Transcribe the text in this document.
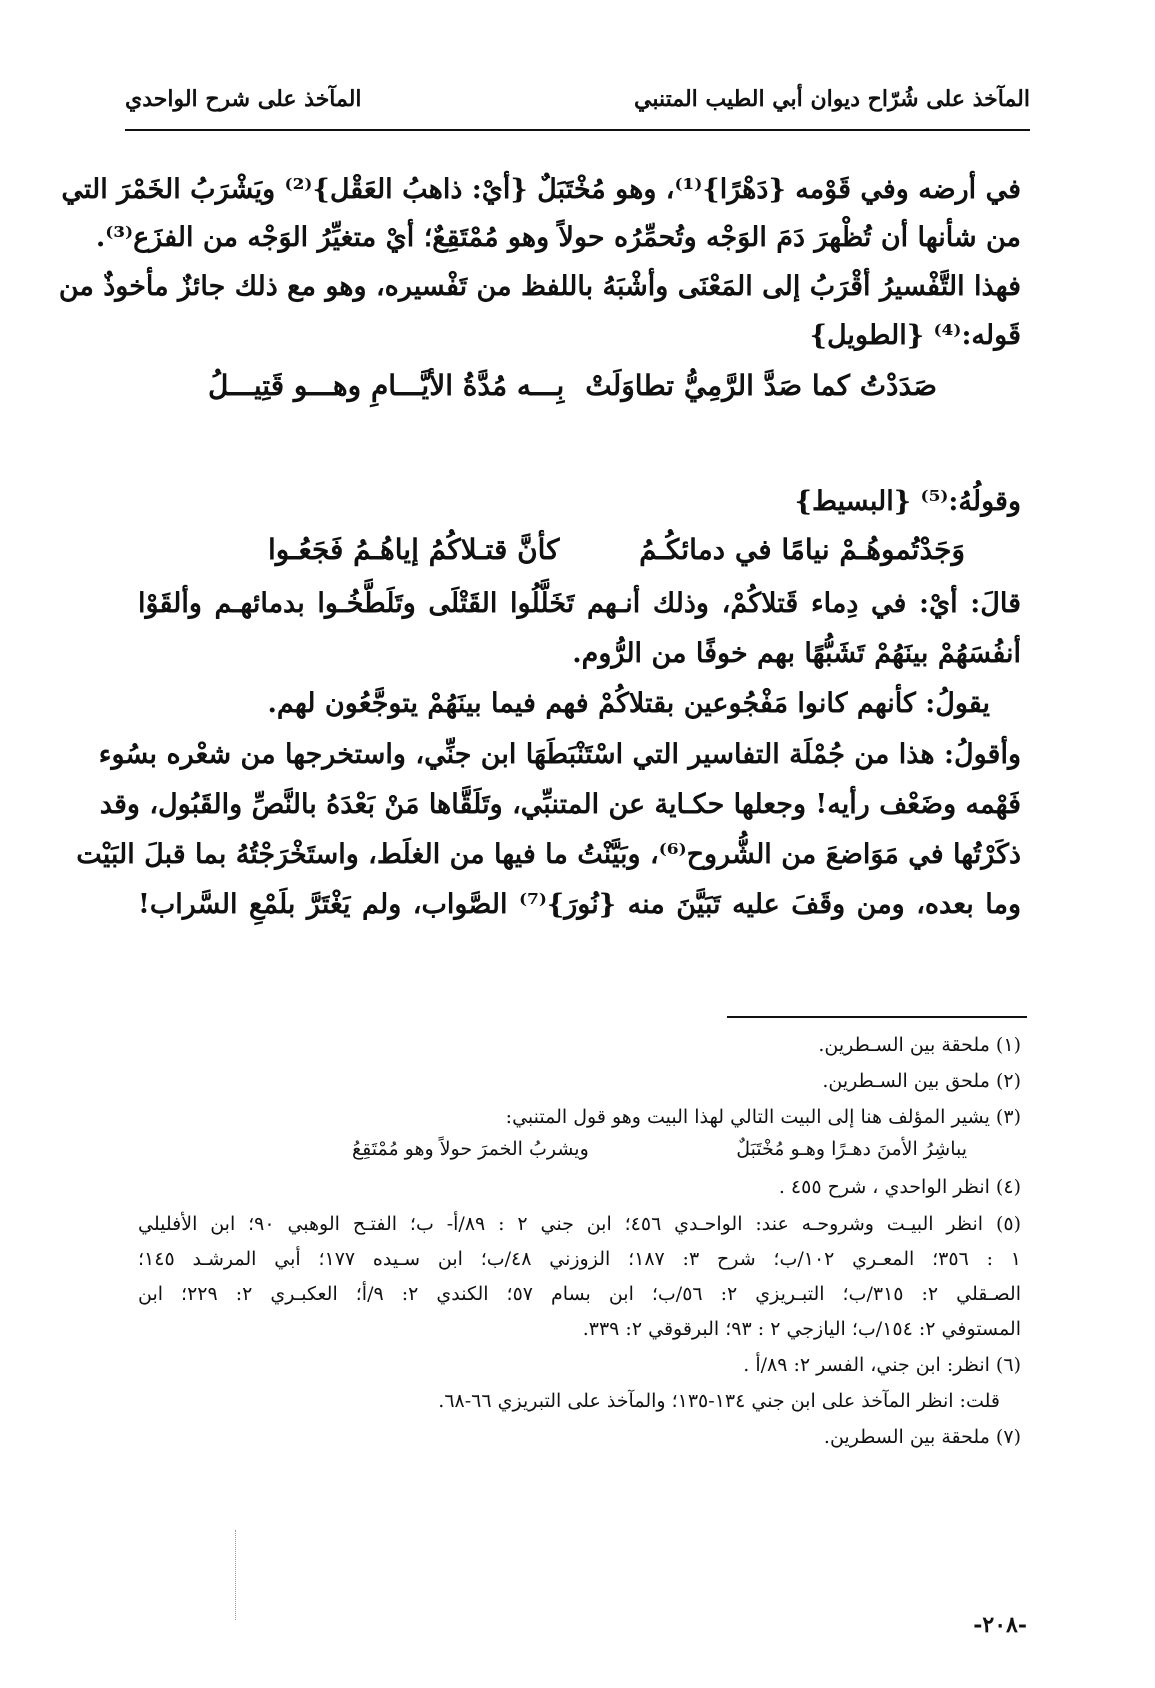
المآخذ على شُرّاح ديوان أبي الطيب المتنبي
المآخذ على شرح الواحدي
في أرضه وفي قَوْمه {دَهْرًا}⁽¹⁾، وهو مُخْتَبَلٌ {أيْ: ذاهبُ العَقْل}⁽²⁾ ويَشْرَبُ الخَمْرَ التي
من شأنها أن تُظْهرَ دَمَ الوَجْه وتُحمِّرُه حولاً وهو مُمْتَقِعٌ؛ أيْ متغيِّرُ الوَجْه من الفزَع⁽³⁾.
فهذا التَّفْسيرُ أقْرَبُ إلى المَعْنَى وأشْبَهُ باللفظ من تَفْسيره، وهو مع ذلك جائزٌ مأخوذٌ من
قَوله:⁽⁴⁾ {الطويل}
صَدَدْتُ كما صَدَّ الرَّمِيُّ تطاوَلَتْ
بِـــه مُدَّةُ الأيَّـــامِ وهـــو قَتِيـــلُ
وقولُهُ:⁽⁵⁾ {البسيط}
وَجَدْتُموهُـمْ نيامًا في دمائكُـمُ
كأنَّ قتـلاكُمُ إياهُـمُ فَجَعُـوا
قالَ: أيْ: في دِماء قَتلاكُمْ، وذلك أنـهم تَخَلَّلُوا القَتْلَى وتَلَطَّخُـوا بدمائهـم وألقَوْا
أنفُسَهُمْ بينَهُمْ تَشَبُّهًا بهم خوفًا من الرُّوم.
يقولُ: كأنهم كانوا مَفْجُوعين بقتلاكُمْ فهم فيما بينَهُمْ يتوجَّعُون لهم.
وأقولُ: هذا من جُمْلَة التفاسير التي اسْتَنْبَطَهَا ابن جنِّي، واستخرجها من شعْره بسُوء
فَهْمه وضَعْف رأيه! وجعلها حكـاية عن المتنبِّي، وتَلَقَّاها مَنْ بَعْدَهُ بالنَّصِّ والقَبُول، وقد
ذكَرْتُها في مَوَاضعَ من الشُّروح⁽⁶⁾، وبَيَّنْتُ ما فيها من الغلَط، واستَخْرَجْتُهُ بما قبلَ البَيْت
وما بعده، ومن وقَفَ عليه تَبَيَّنَ منه {نُورَ}⁽⁷⁾ الصَّواب، ولم يَغْتَرَّ بلَمْعِ السَّراب!
(١) ملحقة بين السـطرين.
(٢) ملحق بين السـطرين.
(٣) يشير المؤلف هنا إلى البيت التالي لهذا البيت وهو قول المتنبي:
يباشِرُ الأمنَ دهـرًا وهـو مُخْتَبَلٌ
ويشربُ الخمرَ حولاً وهو مُمْتَقِعُ
(٤) انظر الواحدي ، شرح ٤٥٥ .
(٥) انظر البيـت وشروحـه عند: الواحـدي ٤٥٦؛ ابن جني ٢ : ٨٩/أ- ب؛ الفتـح الوهبي ٩٠؛ ابن الأفليلي
١ : ٣٥٦؛ المعـري ١٠٢/ب؛ شرح ٣: ١٨٧؛ الزوزني ٤٨/ب؛ ابن سـيده ١٧٧؛ أبي المرشـد ١٤٥؛
الصـقلي ٢: ٣١٥/ب؛ التبـريزي ٢: ٥٦/ب؛ ابن بسام ٥٧؛ الكندي ٢: ٩/أ؛ العكبـري ٢: ٢٢٩؛ ابن
المستوفي ٢: ١٥٤/ب؛ اليازجي ٢ : ٩٣؛ البرقوقي ٢: ٣٣٩.
(٦) انظر: ابن جني، الفسر ٢: ٨٩/أ .
قلت: انظر المآخذ على ابن جني ١٣٤-١٣٥؛ والمآخذ على التبريزي ٦٦-٦٨.
(٧) ملحقة بين السطرين.
-٢٠٨-
